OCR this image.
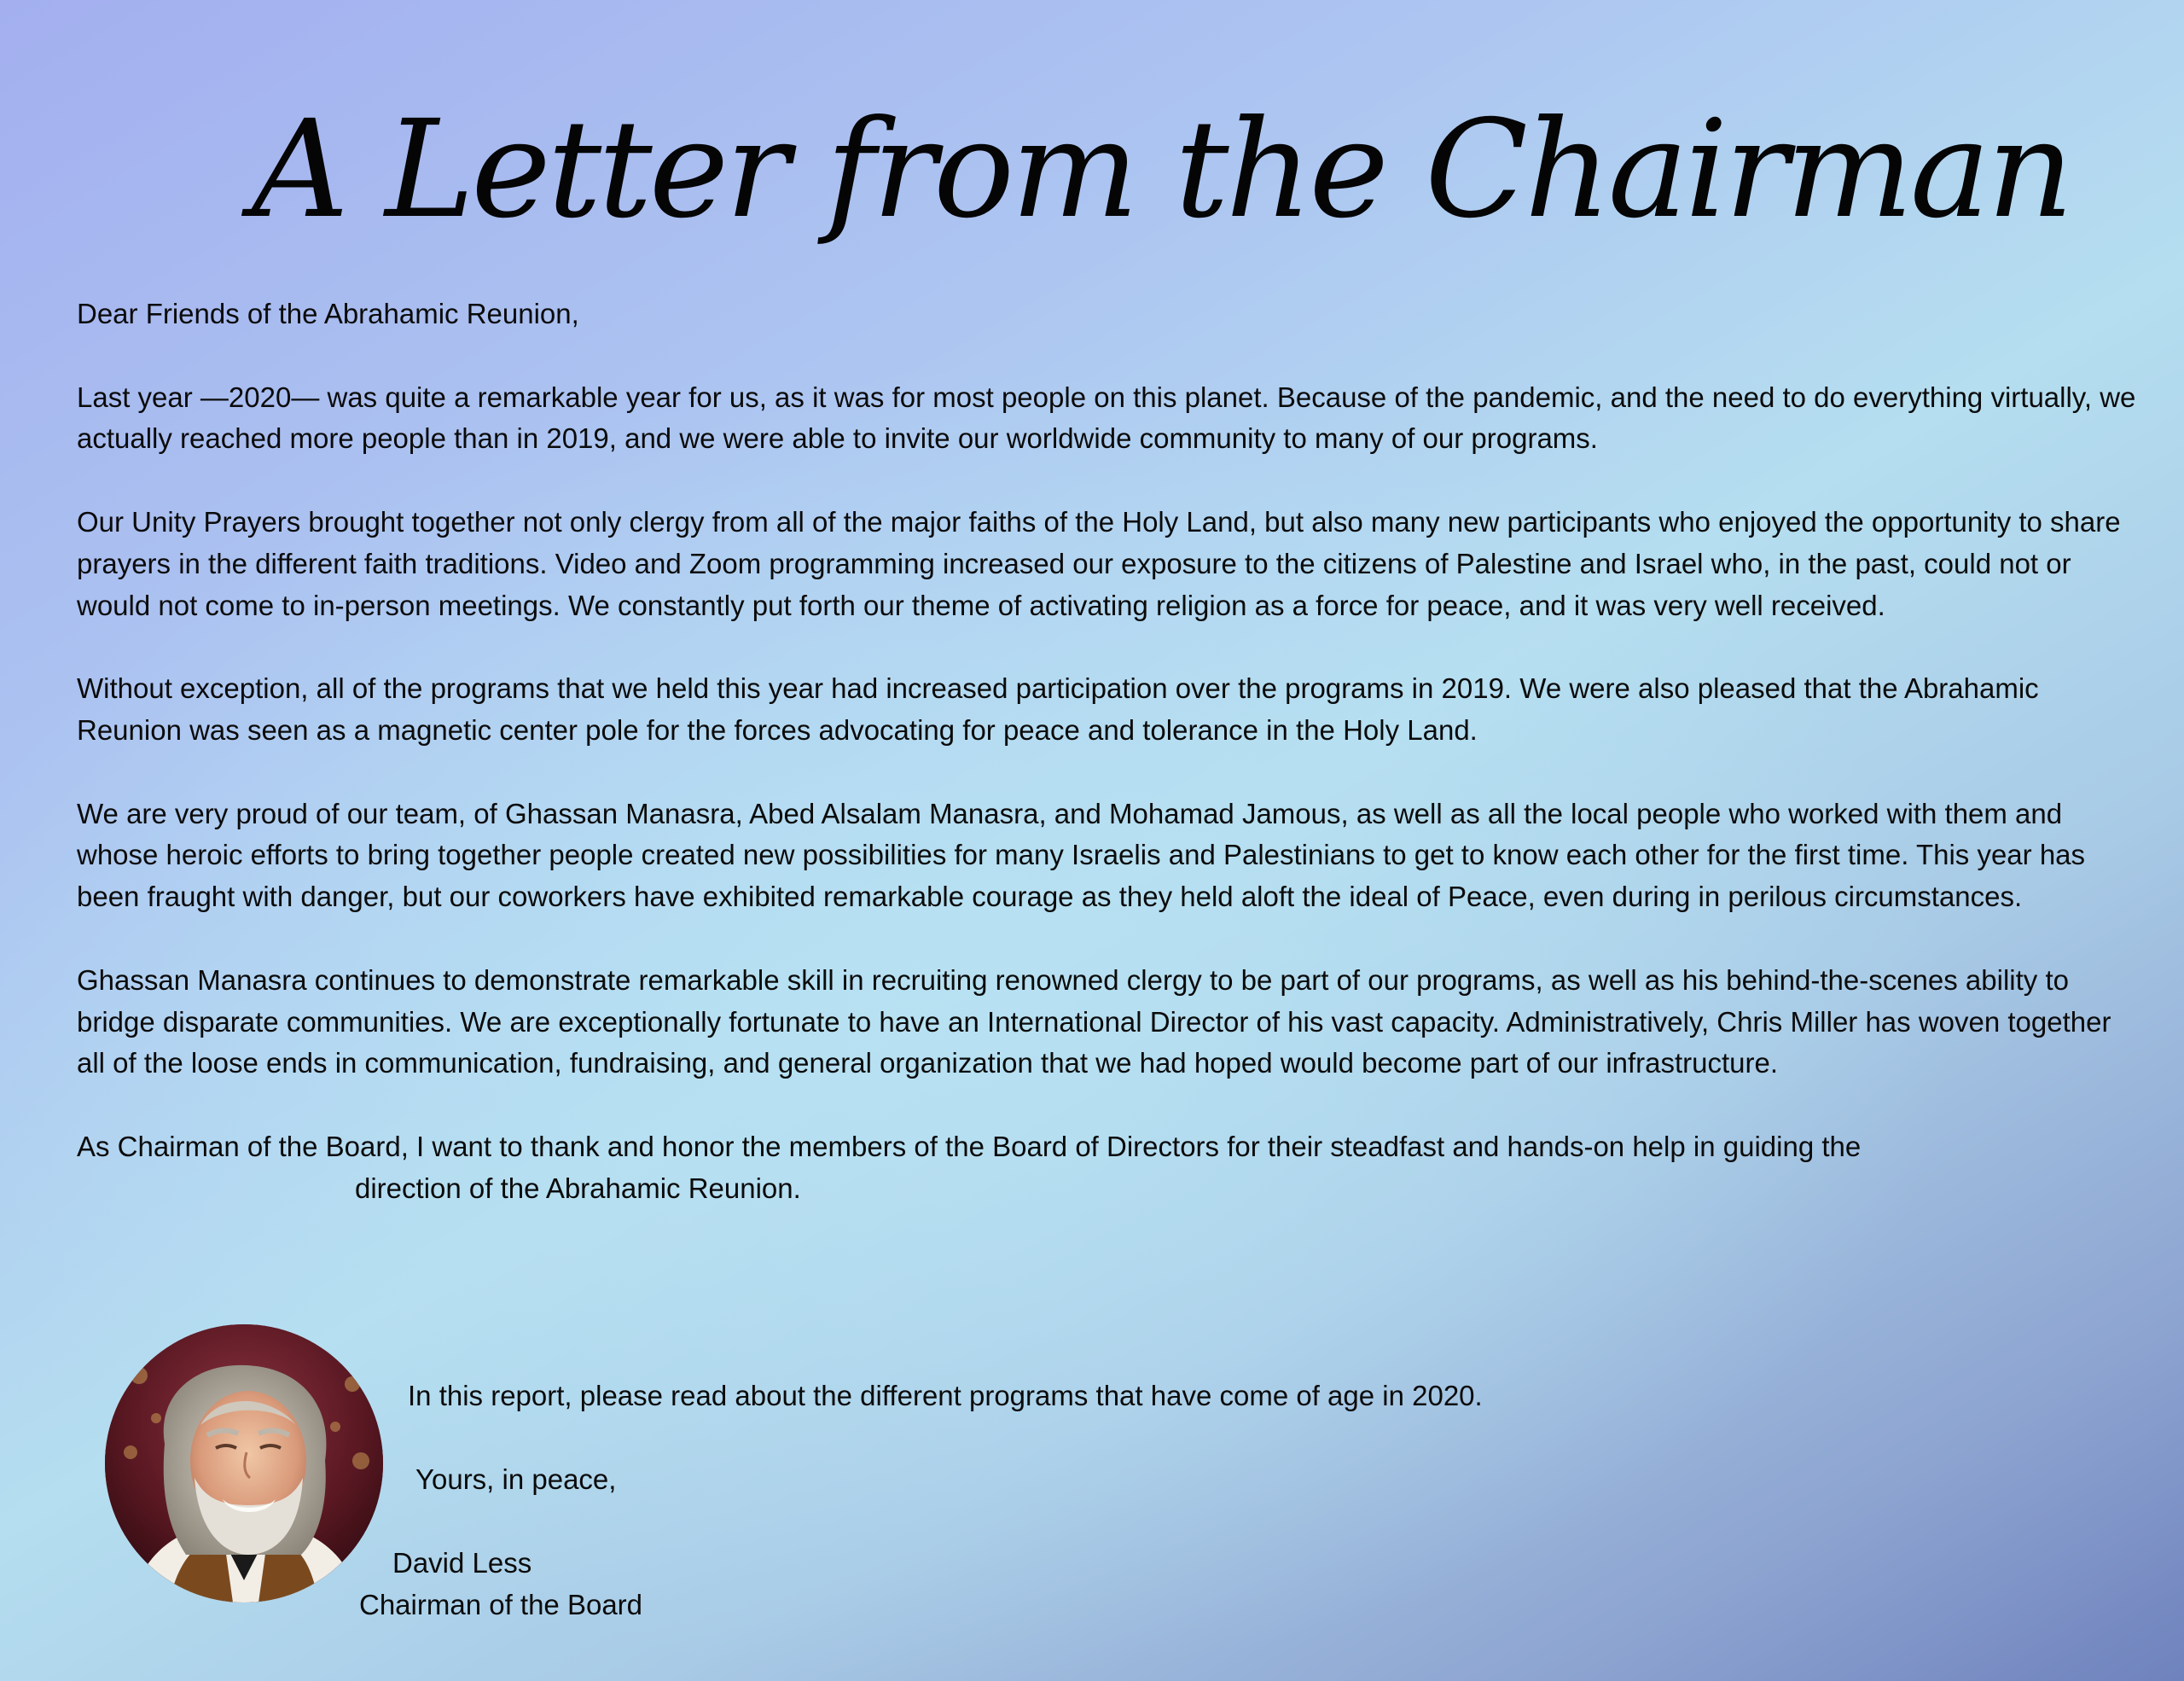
A Letter from the Chairman

Dear Friends of the Abrahamic Reunion,

Last year —2020— was quite a remarkable year for us, as it was for most people on this planet. Because of the pandemic, and the need to do everything virtually, we actually reached more people than in 2019, and we were able to invite our worldwide community to many of our programs.

Our Unity Prayers brought together not only clergy from all of the major faiths of the Holy Land, but also many new participants who enjoyed the opportunity to share prayers in the different faith traditions. Video and Zoom programming increased our exposure to the citizens of Palestine and Israel who, in the past, could not or would not come to in-person meetings. We constantly put forth our theme of activating religion as a force for peace, and it was very well received.

Without exception, all of the programs that we held this year had increased participation over the programs in 2019. We were also pleased that the Abrahamic Reunion was seen as a magnetic center pole for the forces advocating for peace and tolerance in the Holy Land.

We are very proud of our team, of Ghassan Manasra, Abed Alsalam Manasra, and Mohamad Jamous, as well as all the local people who worked with them and whose heroic efforts to bring together people created new possibilities for many Israelis and Palestinians to get to know each other for the first time. This year has been fraught with danger, but our coworkers have exhibited remarkable courage as they held aloft the ideal of Peace, even during in perilous circumstances.

Ghassan Manasra continues to demonstrate remarkable skill in recruiting renowned clergy to be part of our programs, as well as his behind-the-scenes ability to bridge disparate communities. We are exceptionally fortunate to have an International Director of his vast capacity. Administratively, Chris Miller has woven together all of the loose ends in communication, fundraising, and general organization that we had hoped would become part of our infrastructure.

As Chairman of the Board, I want to thank and honor the members of the Board of Directors for their steadfast and hands-on help in guiding the

direction of the Abrahamic Reunion.

In this report, please read about the different programs that have come of age in 2020.

Yours, in peace,

David Less

Chairman of the Board
